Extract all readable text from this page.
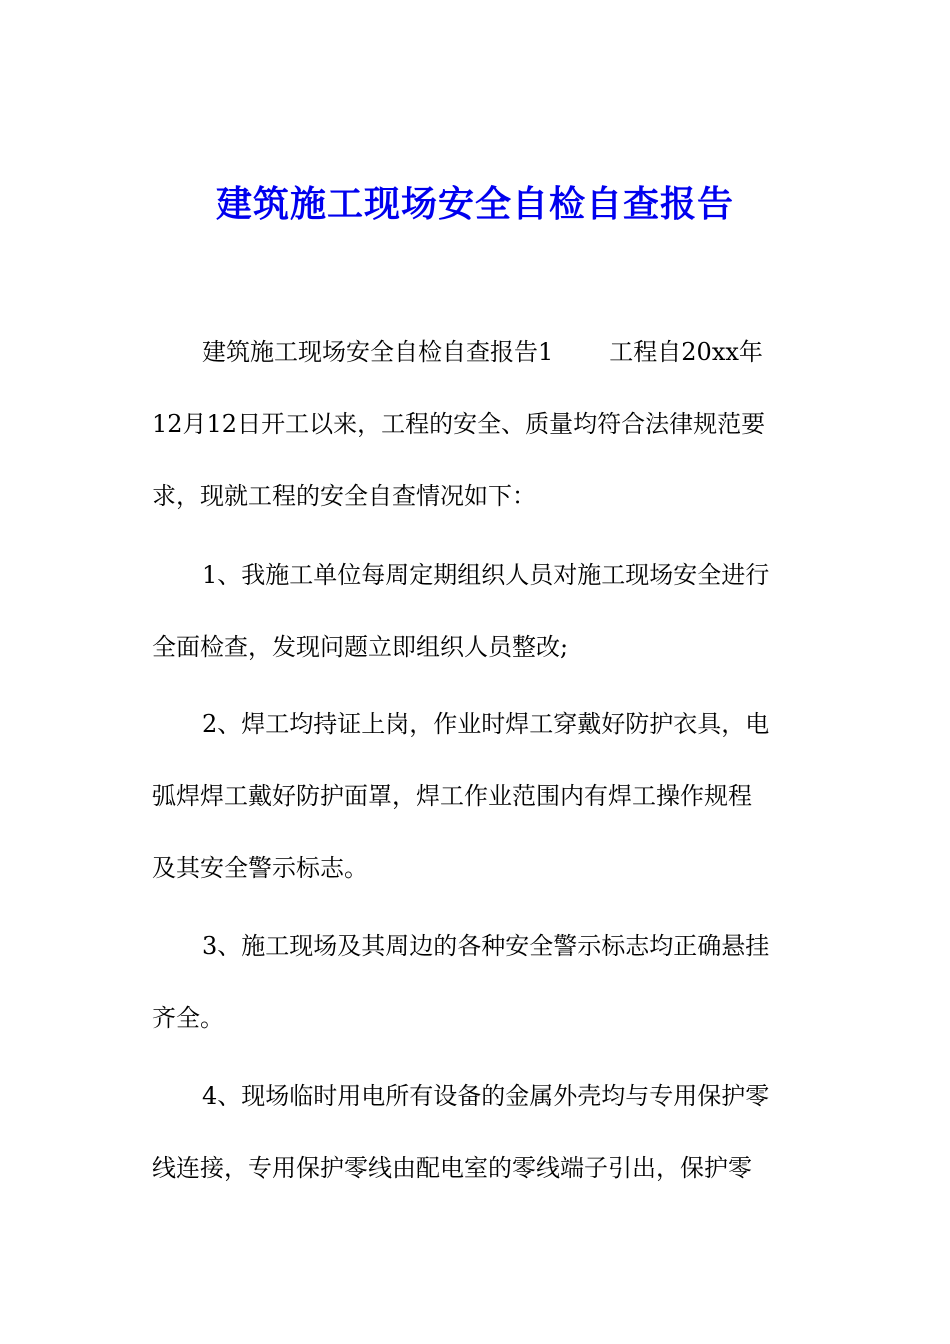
建筑施工现场安全自检自查报告
建筑施工现场安全自检自查报告1 工程自20xx年
12月12日开工以来，工程的安全、质量均符合法律规范要
求，现就工程的安全自查情况如下：
1、我施工单位每周定期组织人员对施工现场安全进行
全面检查，发现问题立即组织人员整改;
2、焊工均持证上岗，作业时焊工穿戴好防护衣具，电
弧焊焊工戴好防护面罩，焊工作业范围内有焊工操作规程
及其安全警示标志。
3、施工现场及其周边的各种安全警示标志均正确悬挂
齐全。
4、现场临时用电所有设备的金属外壳均与专用保护零
线连接，专用保护零线由配电室的零线端子引出，保护零
